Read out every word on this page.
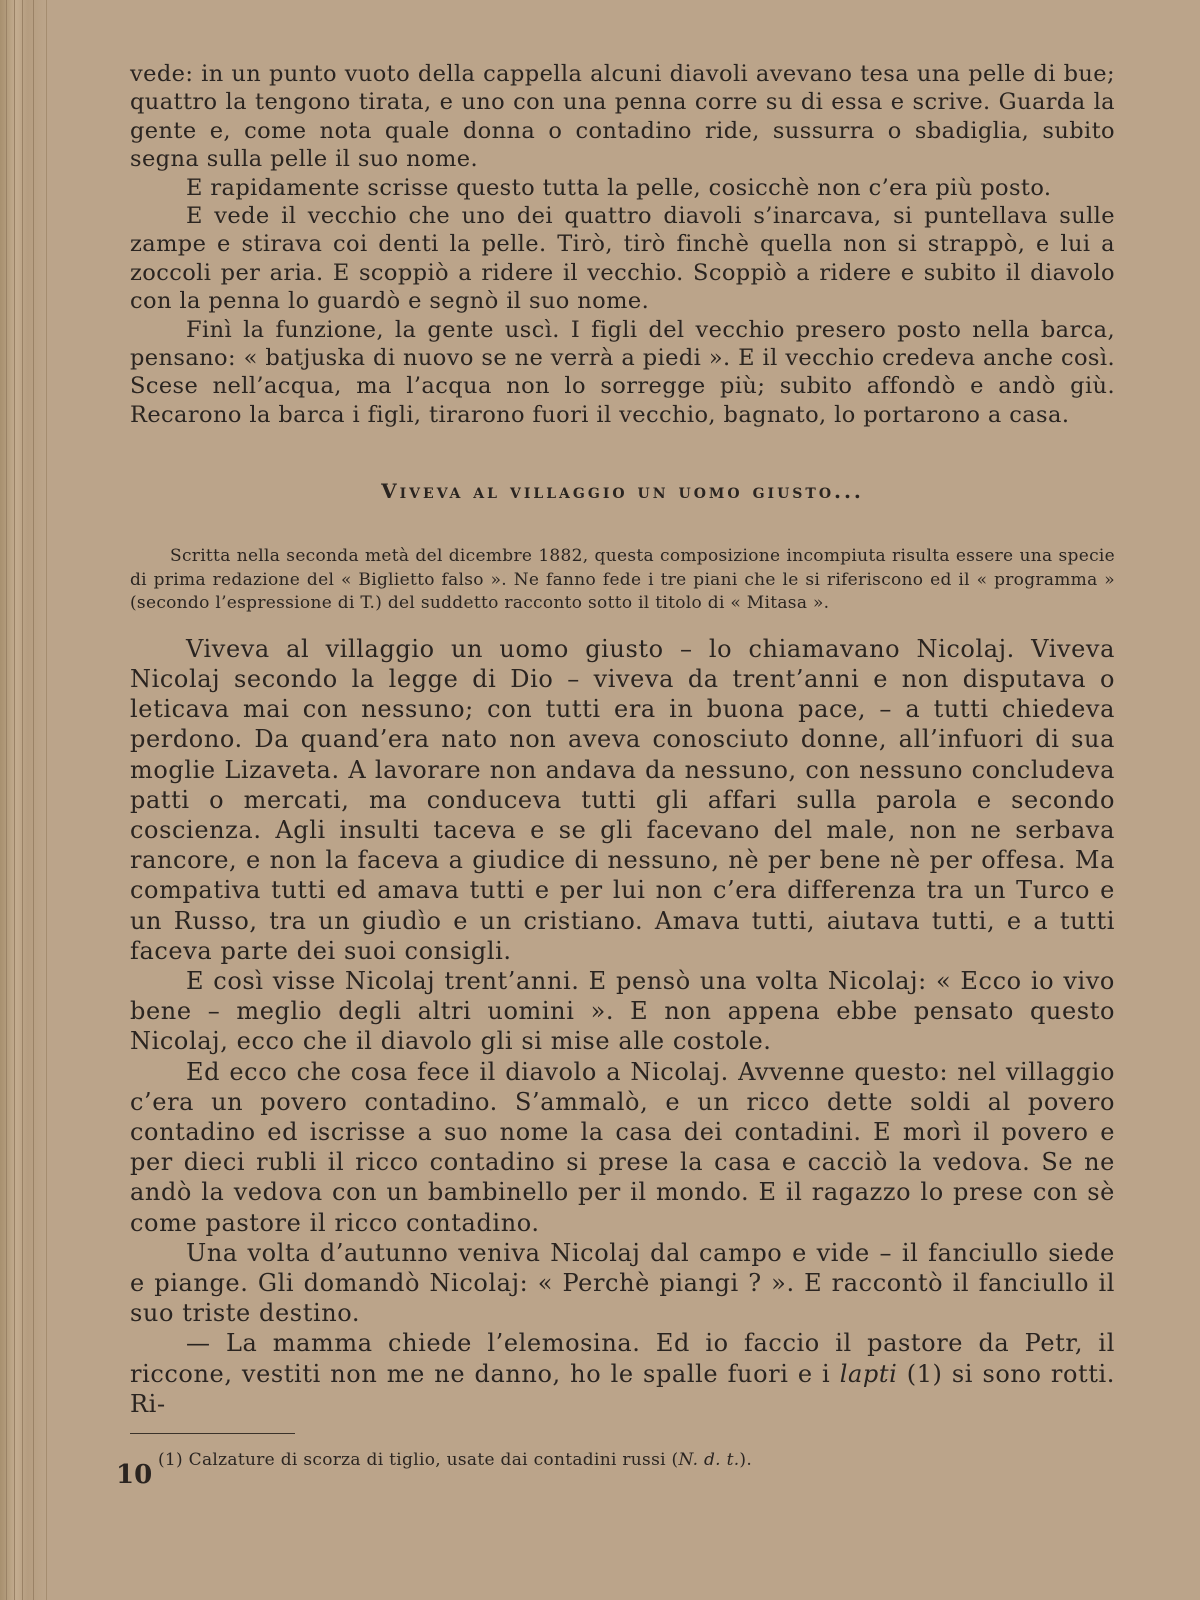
vede: in un punto vuoto della cappella alcuni diavoli avevano tesa una pelle di bue; quattro la tengono tirata, e uno con una penna corre su di essa e scrive. Guarda la gente e, come nota quale donna o contadino ride, sussurra o sbadiglia, subito segna sulla pelle il suo nome.

E rapidamente scrisse questo tutta la pelle, cosicchè non c’era più posto.

E vede il vecchio che uno dei quattro diavoli s’inarcava, si puntellava sulle zampe e stirava coi denti la pelle. Tirò, tirò finchè quella non si strappò, e lui a zoccoli per aria. E scoppiò a ridere il vecchio. Scoppiò a ridere e subito il diavolo con la penna lo guardò e segnò il suo nome.

Finì la funzione, la gente uscì. I figli del vecchio presero posto nella barca, pensano: « batjuska di nuovo se ne verrà a piedi ». E il vecchio credeva anche così. Scese nell’acqua, ma l’acqua non lo sorregge più; subito affondò e andò giù. Recarono la barca i figli, tirarono fuori il vecchio, bagnato, lo portarono a casa.

Viveva al villaggio un uomo giusto...

Scritta nella seconda metà del dicembre 1882, questa composizione incompiuta risulta essere una specie di prima redazione del « Biglietto falso ». Ne fanno fede i tre piani che le si riferiscono ed il « programma » (secondo l’espressione di T.) del suddetto racconto sotto il titolo di « Mitasa ».

Viveva al villaggio un uomo giusto – lo chiamavano Nicolaj. Viveva Nicolaj secondo la legge di Dio – viveva da trent’anni e non disputava o leticava mai con nessuno; con tutti era in buona pace, – a tutti chiedeva perdono. Da quand’era nato non aveva conosciuto donne, all’infuori di sua moglie Lizaveta. A lavorare non andava da nessuno, con nessuno concludeva patti o mercati, ma conduceva tutti gli affari sulla parola e secondo coscienza. Agli insulti taceva e se gli facevano del male, non ne serbava rancore, e non la faceva a giudice di nessuno, nè per bene nè per offesa. Ma compativa tutti ed amava tutti e per lui non c’era differenza tra un Turco e un Russo, tra un giudìo e un cristiano. Amava tutti, aiutava tutti, e a tutti faceva parte dei suoi consigli.

E così visse Nicolaj trent’anni. E pensò una volta Nicolaj: « Ecco io vivo bene – meglio degli altri uomini ». E non appena ebbe pensato questo Nicolaj, ecco che il diavolo gli si mise alle costole.

Ed ecco che cosa fece il diavolo a Nicolaj. Avvenne questo: nel villaggio c’era un povero contadino. S’ammalò, e un ricco dette soldi al povero contadino ed iscrisse a suo nome la casa dei contadini. E morì il povero e per dieci rubli il ricco contadino si prese la casa e cacciò la vedova. Se ne andò la vedova con un bambinello per il mondo. E il ragazzo lo prese con sè come pastore il ricco contadino.

Una volta d’autunno veniva Nicolaj dal campo e vide – il fanciullo siede e piange. Gli domandò Nicolaj: « Perchè piangi ? ». E raccontò il fanciullo il suo triste destino.

— La mamma chiede l’elemosina. Ed io faccio il pastore da Petr, il riccone, vestiti non me ne danno, ho le spalle fuori e i lapti (1) si sono rotti. Ri-

(1) Calzature di scorza di tiglio, usate dai contadini russi (N. d. t.).

10
